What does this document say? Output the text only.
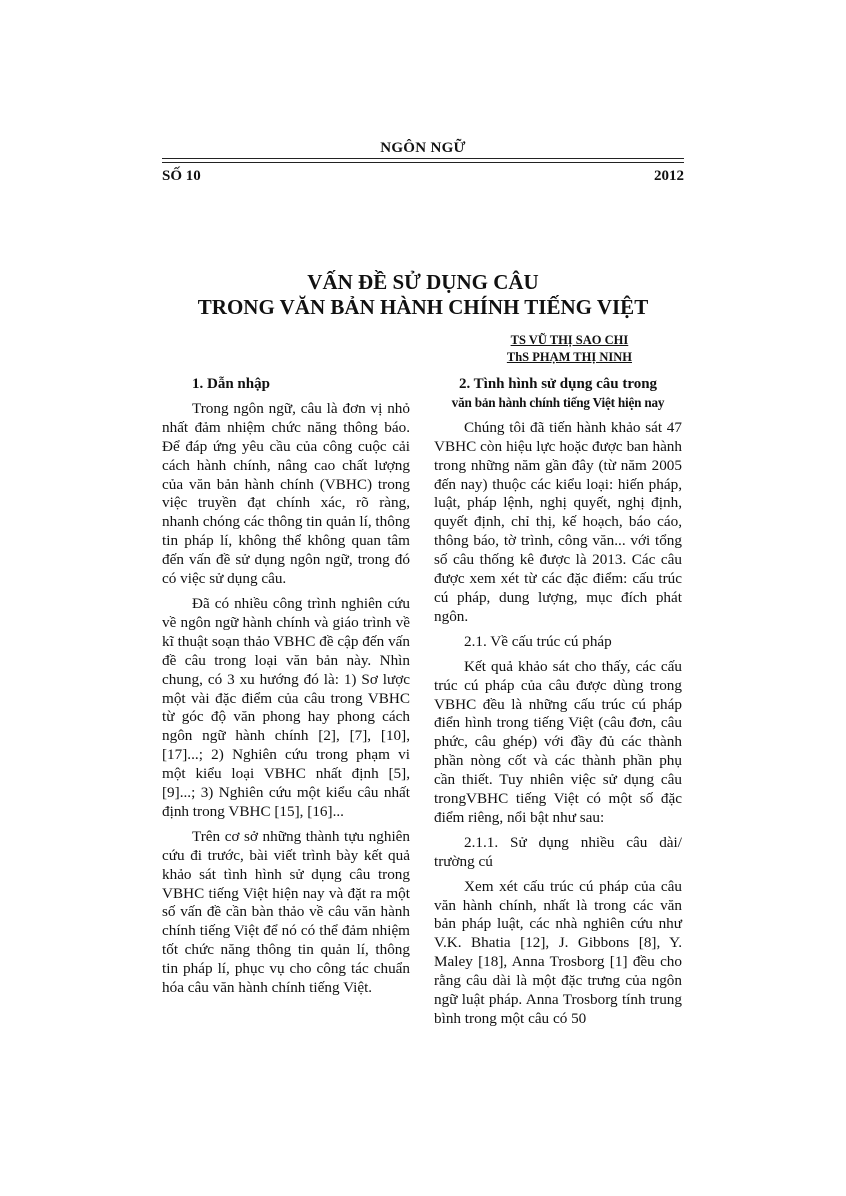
NGÔN NGỮ
SỐ 10	2012
VẤN ĐỀ SỬ DỤNG CÂU
TRONG VĂN BẢN HÀNH CHÍNH TIẾNG VIỆT
TS VŨ THỊ SAO CHI
ThS PHẠM THỊ NINH
1. Dẫn nhập

Trong ngôn ngữ, câu là đơn vị nhỏ nhất đảm nhiệm chức năng thông báo. Để đáp ứng yêu cầu của công cuộc cải cách hành chính, nâng cao chất lượng của văn bản hành chính (VBHC) trong việc truyền đạt chính xác, rõ ràng, nhanh chóng các thông tin quản lí, thông tin pháp lí, không thể không quan tâm đến vấn đề sử dụng ngôn ngữ, trong đó có việc sử dụng câu.

Đã có nhiều công trình nghiên cứu về ngôn ngữ hành chính và giáo trình về kĩ thuật soạn thảo VBHC đề cập đến vấn đề câu trong loại văn bản này. Nhìn chung, có 3 xu hướng đó là: 1) Sơ lược một vài đặc điểm của câu trong VBHC từ góc độ văn phong hay phong cách ngôn ngữ hành chính [2], [7], [10], [17]...; 2) Nghiên cứu trong phạm vi một kiểu loại VBHC nhất định [5], [9]...; 3) Nghiên cứu một kiểu câu nhất định trong VBHC [15], [16]...

Trên cơ sở những thành tựu nghiên cứu đi trước, bài viết trình bày kết quả khảo sát tình hình sử dụng câu trong VBHC tiếng Việt hiện nay và đặt ra một số vấn đề cần bàn thảo về câu văn hành chính tiếng Việt để nó có thể đảm nhiệm tốt chức năng thông tin quản lí, thông tin pháp lí, phục vụ cho công tác chuẩn hóa câu văn hành chính tiếng Việt.

2. Tình hình sử dụng câu trong
văn bản hành chính tiếng Việt hiện nay

Chúng tôi đã tiến hành khảo sát 47 VBHC còn hiệu lực hoặc được ban hành trong những năm gần đây (từ năm 2005 đến nay) thuộc các kiểu loại: hiến pháp, luật, pháp lệnh, nghị quyết, nghị định, quyết định, chỉ thị, kế hoạch, báo cáo, thông báo, tờ trình, công văn... với tổng số câu thống kê được là 2013. Các câu được xem xét từ các đặc điểm: cấu trúc cú pháp, dung lượng, mục đích phát ngôn.

2.1. Về cấu trúc cú pháp

Kết quả khảo sát cho thấy, các cấu trúc cú pháp của câu được dùng trong VBHC đều là những cấu trúc cú pháp điển hình trong tiếng Việt (câu đơn, câu phức, câu ghép) với đầy đủ các thành phần nòng cốt và các thành phần phụ cần thiết. Tuy nhiên việc sử dụng câu trongVBHC tiếng Việt có một số đặc điểm riêng, nổi bật như sau:

2.1.1. Sử dụng nhiều câu dài/ trường cú

Xem xét cấu trúc cú pháp của câu văn hành chính, nhất là trong các văn bản pháp luật, các nhà nghiên cứu như V.K. Bhatia [12], J. Gibbons [8], Y. Maley [18], Anna Trosborg [1] đều cho rằng câu dài là một đặc trưng của ngôn ngữ luật pháp. Anna Trosborg tính trung bình trong một câu có 50
